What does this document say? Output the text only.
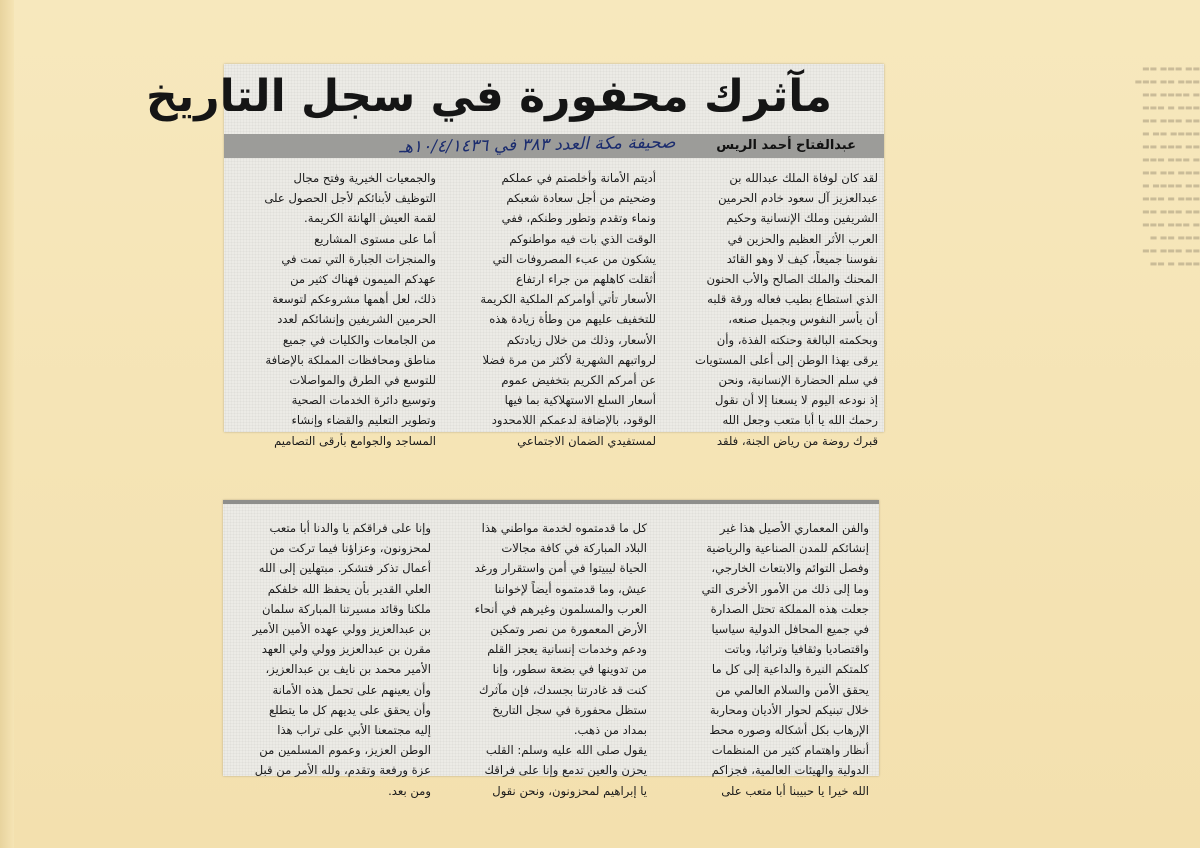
▬▬ ▬▬▬ ▬▬
▬▬▬ ▬▬ ▬▬▬
▬ ▬▬▬▬ ▬▬
▬▬▬ ▬ ▬▬▬
▬▬ ▬▬▬ ▬▬
▬▬▬▬ ▬▬ ▬
▬▬ ▬▬▬ ▬▬
▬ ▬▬▬ ▬▬▬
▬▬▬ ▬▬ ▬▬
▬▬ ▬▬▬▬ ▬
▬▬▬ ▬ ▬▬▬
▬▬ ▬▬▬ ▬▬
▬ ▬▬▬ ▬▬▬
▬▬▬ ▬▬ ▬
▬▬ ▬▬▬ ▬▬
▬▬▬ ▬ ▬▬
مآثرك محفورة في سجل التاريخ
عبدالفتاح أحمد الريس
صحيفة مكة العدد ٣٨٣ في ١٠/٤/١٤٣٦هـ
لقد كان لوفاة الملك عبدالله بن
عبدالعزيز آل سعود خادم الحرمين
الشريفين وملك الإنسانية وحكيم
العرب الأثر العظيم والحزين في
نفوسنا جميعاً، كيف لا وهو القائد
المحنك والملك الصالح والأب الحنون
الذي استطاع بطيب فعاله ورقة قلبه
أن يأسر النفوس وبجميل صنعه،
وبحكمته البالغة وحنكته الفذة، وأن
يرقى بهذا الوطن إلى أعلى المستويات
في سلم الحضارة الإنسانية، ونحن
إذ نودعه اليوم لا يسعنا إلا أن نقول
رحمك الله يا أبا متعب وجعل الله
قبرك روضة من رياض الجنة، فلقد
أديتم الأمانة وأخلصتم في عملكم
وضحيتم من أجل سعادة شعبكم
ونماء وتقدم وتطور وطنكم، ففي
الوقت الذي بات فيه مواطنوكم
يشكون من عبء المصروفات التي
أثقلت كاهلهم من جراء ارتفاع
الأسعار تأتي أوامركم الملكية الكريمة
للتخفيف عليهم من وطأة زيادة هذه
الأسعار، وذلك من خلال زيادتكم
لرواتبهم الشهرية لأكثر من مرة فضلا
عن أمركم الكريم بتخفيض عموم
أسعار السلع الاستهلاكية بما فيها
الوقود، بالإضافة لدعمكم اللامحدود
لمستفيدي الضمان الاجتماعي
والجمعيات الخيرية وفتح مجال
التوظيف لأبنائكم لأجل الحصول على
لقمة العيش الهانئة الكريمة.
أما على مستوى المشاريع
والمنجزات الجبارة التي تمت في
عهدكم الميمون فهناك كثير من
ذلك، لعل أهمها مشروعكم لتوسعة
الحرمين الشريفين وإنشائكم لعدد
من الجامعات والكليات في جميع
مناطق ومحافظات المملكة بالإضافة
للتوسع في الطرق والمواصلات
وتوسيع دائرة الخدمات الصحية
وتطوير التعليم والقضاء وإنشاء
المساجد والجوامع بأرقى التصاميم
والفن المعماري الأصيل هذا غير
إنشائكم للمدن الصناعية والرياضية
وفصل التوائم والابتعاث الخارجي،
وما إلى ذلك من الأمور الأخرى التي
جعلت هذه المملكة تحتل الصدارة
في جميع المحافل الدولية سياسيا
واقتصاديا وثقافيا وتراثيا، وباتت
كلمتكم النيرة والداعية إلى كل ما
يحقق الأمن والسلام العالمي من
خلال تبنيكم لحوار الأديان ومحاربة
الإرهاب بكل أشكاله وصوره محط
أنظار واهتمام كثير من المنظمات
الدولية والهيئات العالمية، فجزاكم
الله خيرا يا حبيبنا أبا متعب على
كل ما قدمتموه لخدمة مواطني هذا
البلاد المباركة في كافة مجالات
الحياة ليبيتوا في أمن واستقرار ورغد
عيش، وما قدمتموه أيضاً لإخواننا
العرب والمسلمون وغيرهم في أنحاء
الأرض المعمورة من نصر وتمكين
ودعم وخدمات إنسانية يعجز القلم
من تدوينها في بضعة سطور، وإنا
كنت قد غادرتنا بجسدك، فإن مآثرك
ستظل محفورة في سجل التاريخ
بمداد من ذهب.
يقول صلى الله عليه وسلم: القلب
يحزن والعين تدمع وإنا على فراقك
يا إبراهيم لمحزونون، ونحن نقول
وإنا على فراقكم يا والدنا أبا متعب
لمحزونون، وعزاؤنا فيما تركت من
أعمال تذكر فتشكر. مبتهلين إلى الله
العلي القدير بأن يحفظ الله خلفكم
ملكنا وقائد مسيرتنا المباركة سلمان
بن عبدالعزيز وولي عهده الأمين الأمير
مقرن بن عبدالعزيز وولي ولي العهد
الأمير محمد بن نايف بن عبدالعزيز،
وأن يعينهم على تحمل هذه الأمانة
وأن يحقق على يديهم كل ما يتطلع
إليه مجتمعنا الأبي على تراب هذا
الوطن العزيز، وعموم المسلمين من
عزة ورفعة وتقدم، ولله الأمر من قبل
ومن بعد.
